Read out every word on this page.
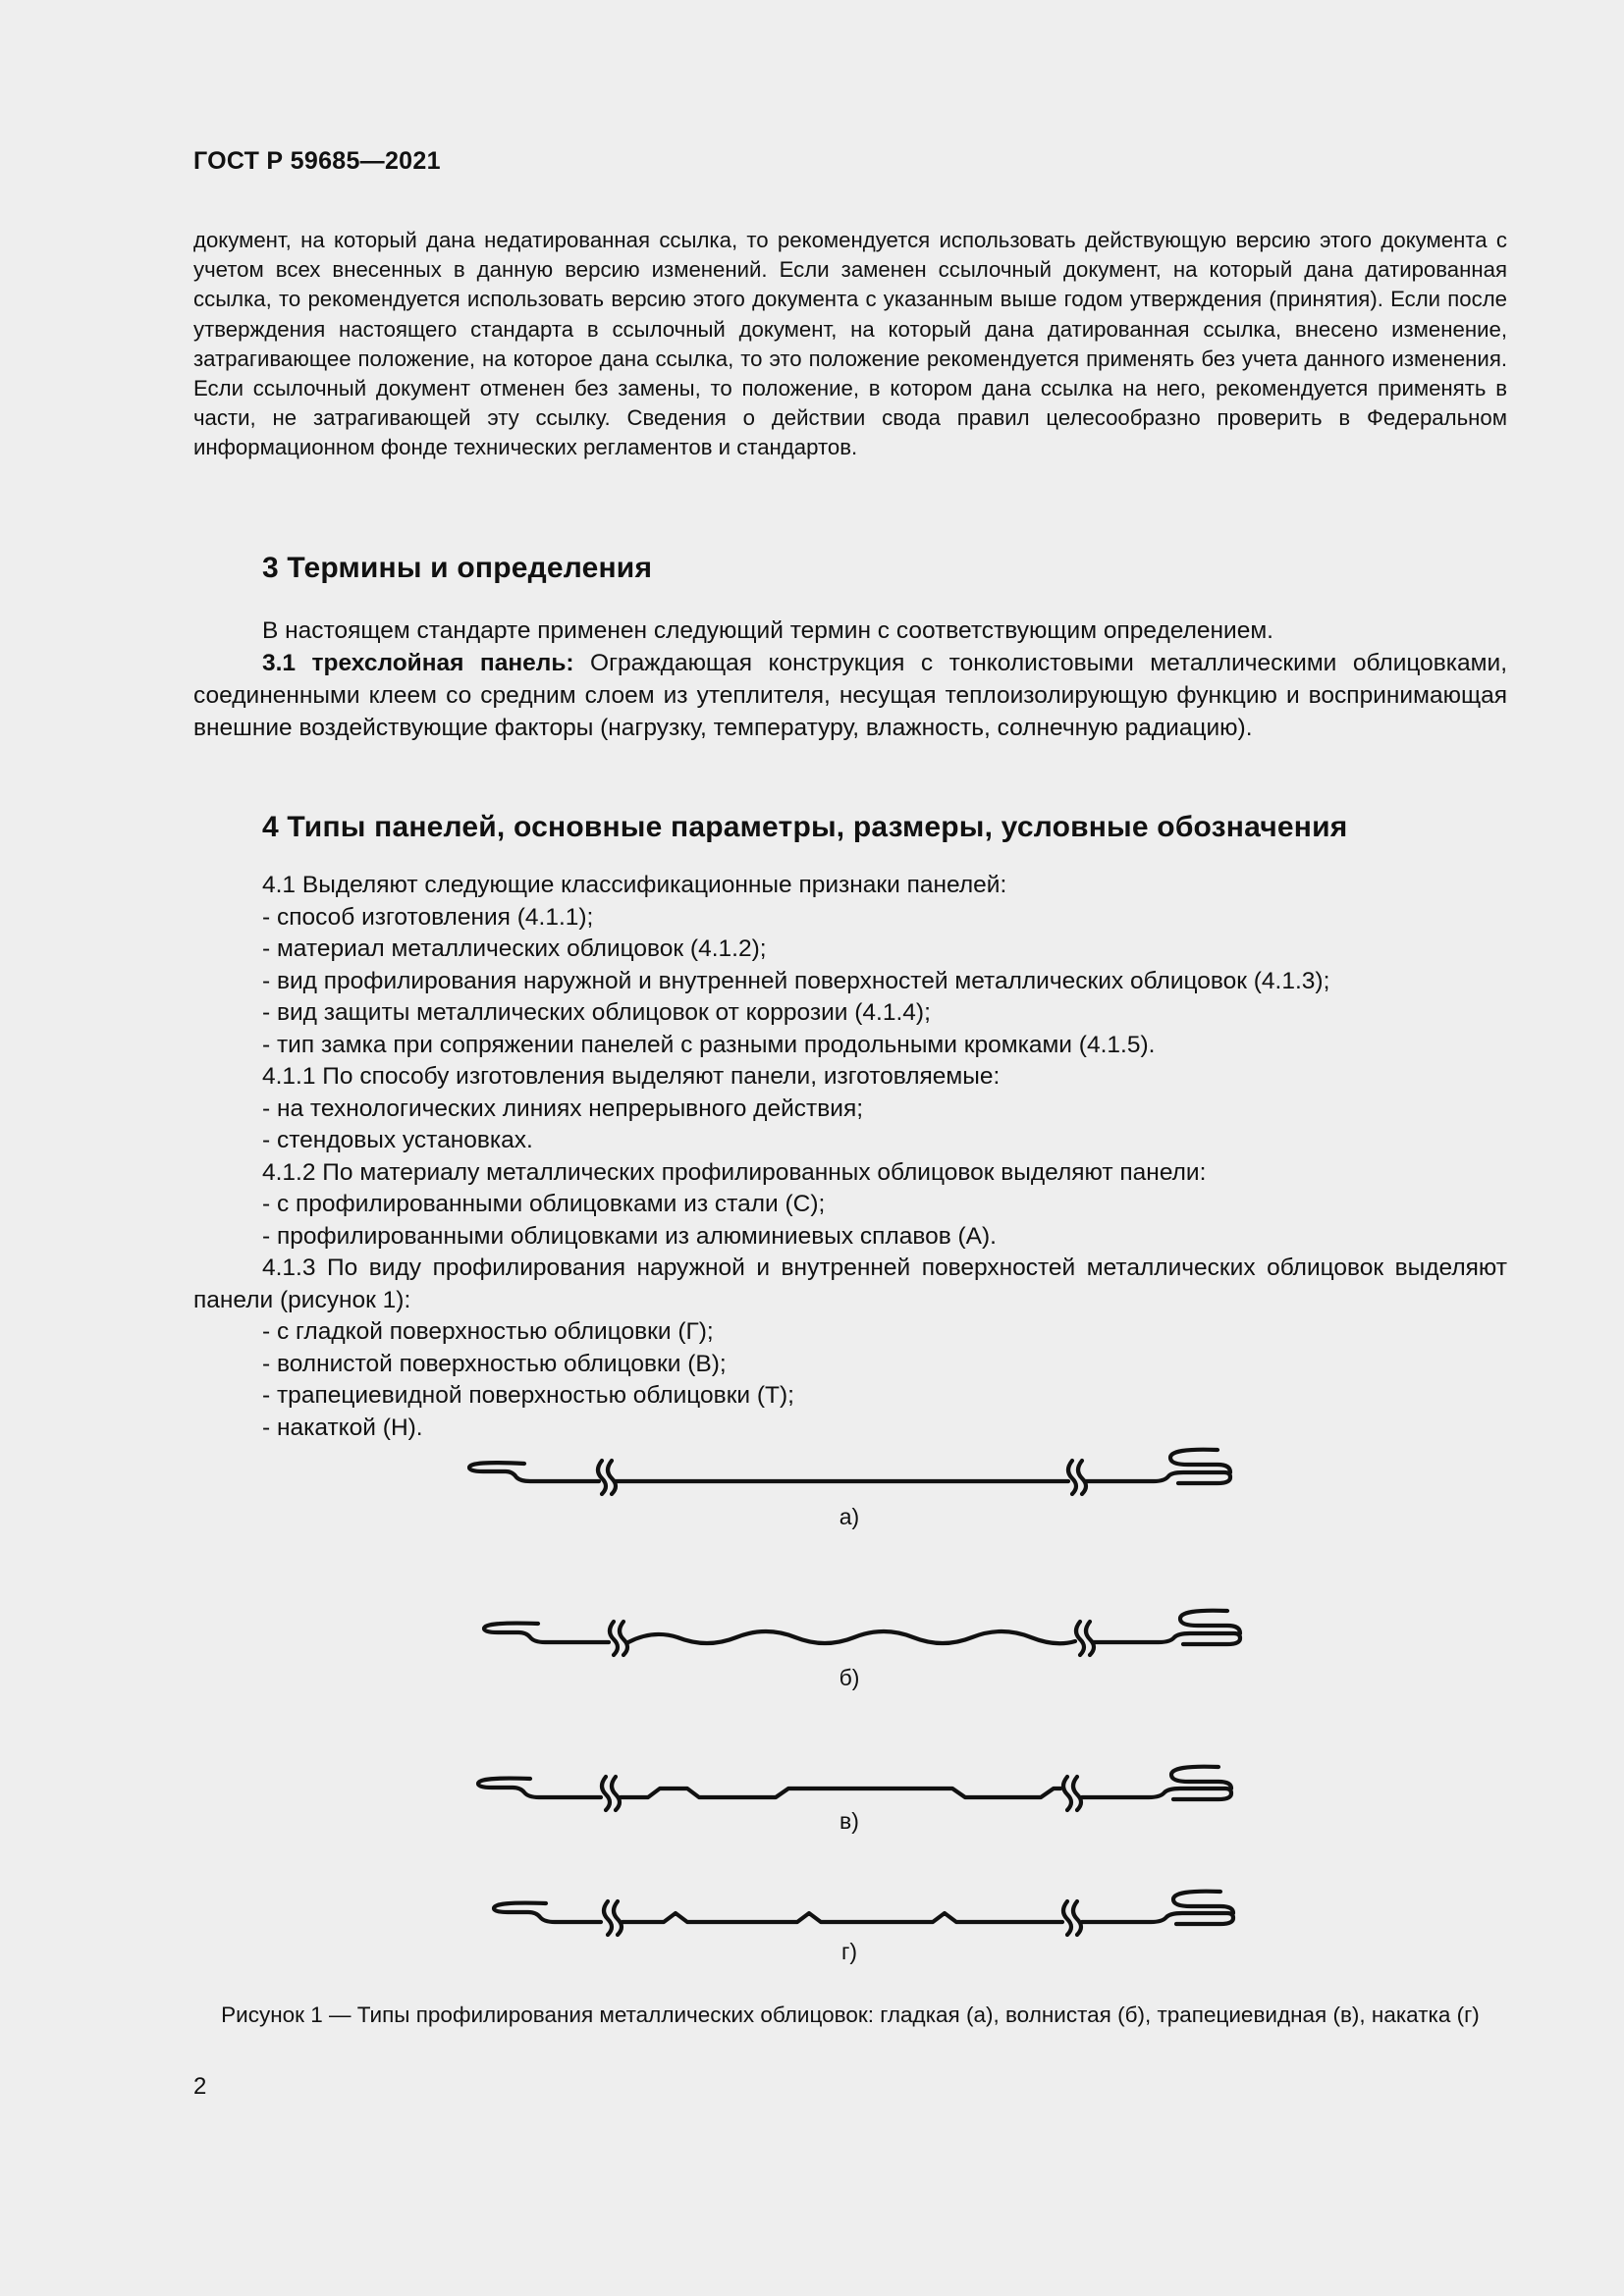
ГОСТ Р 59685—2021

документ, на который дана недатированная ссылка, то рекомендуется использовать действующую версию этого документа с учетом всех внесенных в данную версию изменений. Если заменен ссылочный документ, на который дана датированная ссылка, то рекомендуется использовать версию этого документа с указанным выше годом утверждения (принятия). Если после утверждения настоящего стандарта в ссылочный документ, на который дана датированная ссылка, внесено изменение, затрагивающее положение, на которое дана ссылка, то это положение рекомендуется применять без учета данного изменения. Если ссылочный документ отменен без замены, то положение, в котором дана ссылка на него, рекомендуется применять в части, не затрагивающей эту ссылку. Сведения о действии свода правил целесообразно проверить в Федеральном информационном фонде технических регламентов и стандартов.

3 Термины и определения

В настоящем стандарте применен следующий термин с соответствующим определением.

3.1 трехслойная панель: Ограждающая конструкция с тонколистовыми металлическими облицовками, соединенными клеем со средним слоем из утеплителя, несущая теплоизолирующую функцию и воспринимающая внешние воздействующие факторы (нагрузку, температуру, влажность, солнечную радиацию).

4 Типы панелей, основные параметры, размеры, условные обозначения

4.1 Выделяют следующие классификационные признаки панелей:

- способ изготовления (4.1.1);

- материал металлических облицовок (4.1.2);

- вид профилирования наружной и внутренней поверхностей металлических облицовок (4.1.3);

- вид защиты металлических облицовок от коррозии (4.1.4);

- тип замка при сопряжении панелей с разными продольными кромками (4.1.5).

4.1.1 По способу изготовления выделяют панели, изготовляемые:

- на технологических линиях непрерывного действия;

- стендовых установках.

4.1.2 По материалу металлических профилированных облицовок выделяют панели:

- с профилированными облицовками из стали (С);

- профилированными облицовками из алюминиевых сплавов (А).

4.1.3 По виду профилирования наружной и внутренней поверхностей металлических облицовок выделяют панели (рисунок 1):

- с гладкой поверхностью облицовки (Г);

- волнистой поверхностью облицовки (В);

- трапециевидной поверхностью облицовки (Т);

- накаткой (Н).

а)
б)
в)
г)
Рисунок 1 — Типы профилирования металлических облицовок: гладкая (а), волнистая (б), трапециевидная (в), накатка (г)
2
